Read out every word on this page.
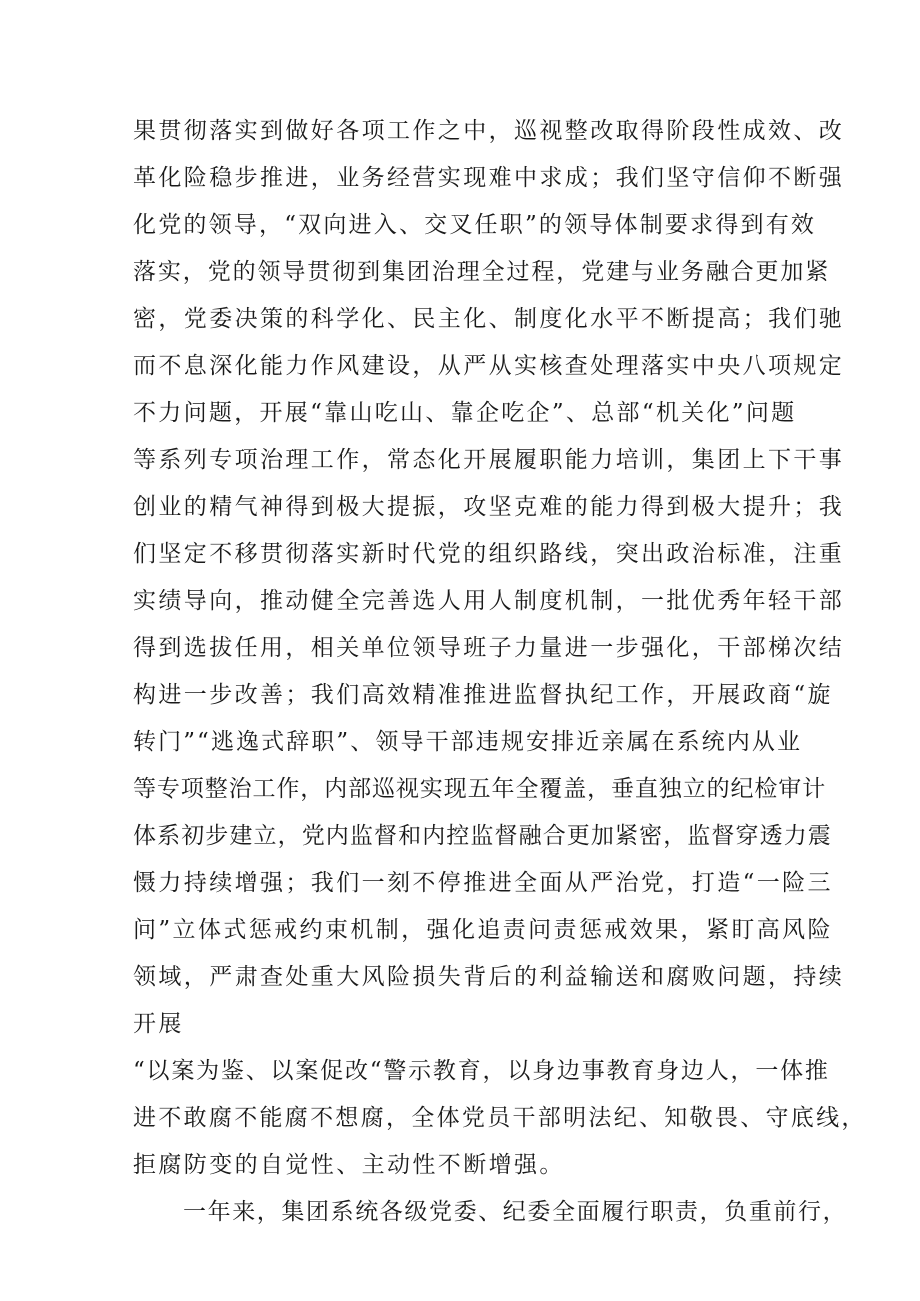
果贯彻落实到做好各项工作之中，巡视整改取得阶段性成效、改
革化险稳步推进，业务经营实现难中求成；我们坚守信仰不断强
化党的领导，“双向进入、交叉任职”的领导体制要求得到有效
落实，党的领导贯彻到集团治理全过程，党建与业务融合更加紧
密，党委决策的科学化、民主化、制度化水平不断提高；我们驰
而不息深化能力作风建设，从严从实核查处理落实中央八项规定
不力问题，开展“靠山吃山、靠企吃企”、总部“机关化”问题
等系列专项治理工作，常态化开展履职能力培训，集团上下干事
创业的精气神得到极大提振，攻坚克难的能力得到极大提升；我
们坚定不移贯彻落实新时代党的组织路线，突出政治标准，注重
实绩导向，推动健全完善选人用人制度机制，一批优秀年轻干部
得到选拔任用，相关单位领导班子力量进一步强化，干部梯次结
构进一步改善；我们高效精准推进监督执纪工作，开展政商“旋
转门”“逃逸式辞职”、领导干部违规安排近亲属在系统内从业
等专项整治工作，内部巡视实现五年全覆盖，垂直独立的纪检审计
体系初步建立，党内监督和内控监督融合更加紧密，监督穿透力震
慑力持续增强；我们一刻不停推进全面从严治党，打造“一险三
问”立体式惩戒约束机制，强化追责问责惩戒效果，紧盯高风险
领域，严肃查处重大风险损失背后的利益输送和腐败问题，持续
开展
“以案为鉴、以案促改“警示教育，以身边事教育身边人，一体推
进不敢腐不能腐不想腐，全体党员干部明法纪、知敬畏、守底线，
拒腐防变的自觉性、主动性不断增强。
一年来，集团系统各级党委、纪委全面履行职责，负重前行，
